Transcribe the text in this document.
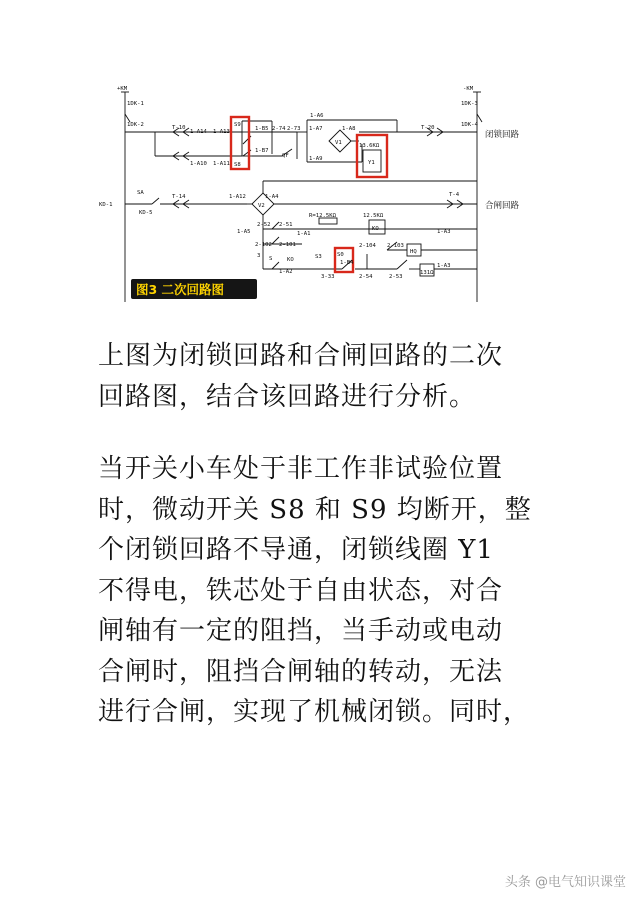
+KM	-KM
1DK-1
1DK-2
1DK-3
1DK-4
KD-1
KD-5
SA
T-10
1-A14 1-A13
1-A10 1-A11
1-B5 2-74 2-73
1-B7
QF
1-A6
1-A7	1-A8
1-A9
T-20
T-14	1-A12	1-A4	T-4
1-A5
2-52 2-51
1-A1
2-102 2-101
3
1-A3
1-A3
1-A2
2-104 2-103
3-33	2-54	2-53
S3
S
S9
S8
V1
V2
13.6KΩ
Y1
R=12.5KΩ	12.5KΩ
KO
KO
HQ
131Ω
S0
1-B4
闭锁回路
合闸回路
图3 二次回路图
上图为闭锁回路和合闸回路的二次
回路图，结合该回路进行分析。
当开关小车处于非工作非试验位置
时，微动开关 S8 和 S9 均断开，整
个闭锁回路不导通，闭锁线圈 Y1
不得电，铁芯处于自由状态，对合
闸轴有一定的阻挡，当手动或电动
合闸时，阻挡合闸轴的转动，无法
进行合闸，实现了机械闭锁。同时，
头条 @电气知识课堂
